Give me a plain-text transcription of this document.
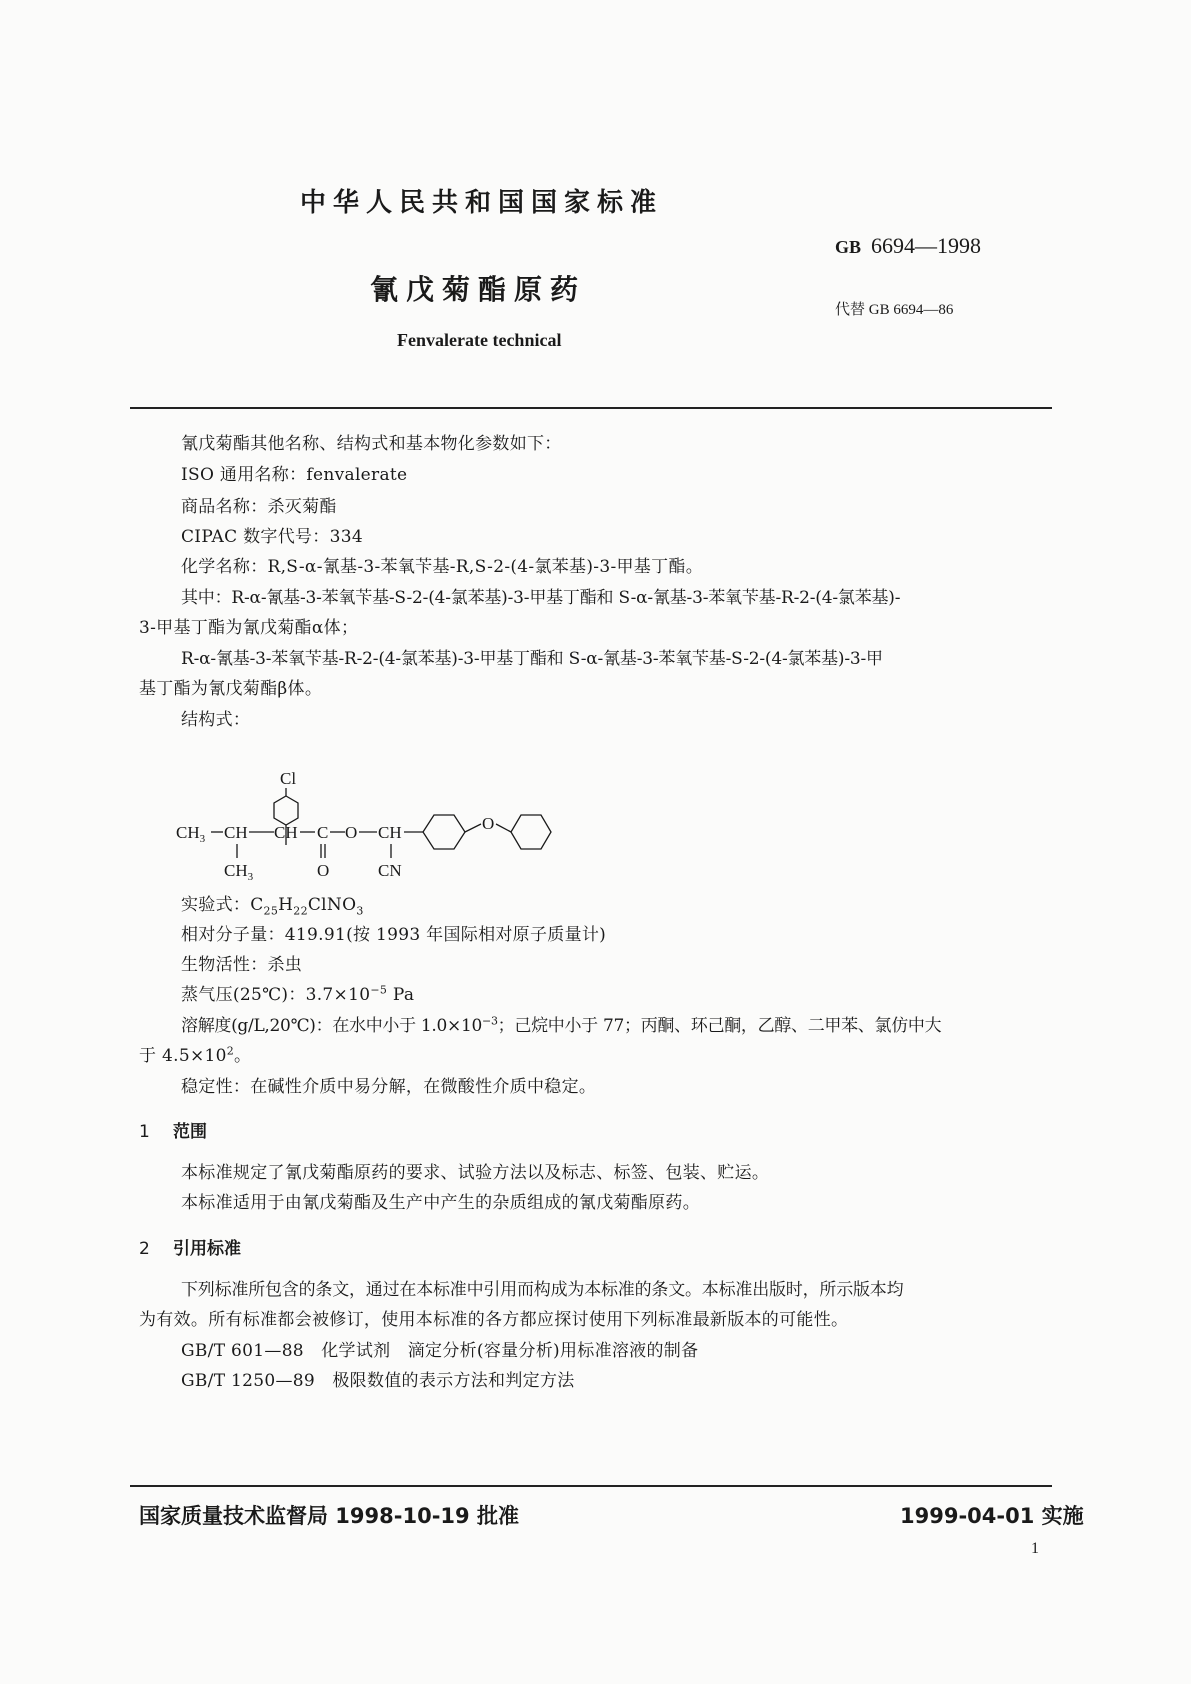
中华人民共和国国家标准
GB 6694—1998
氰戊菊酯原药
代替 GB 6694—86
Fenvalerate technical
氰戊菊酯其他名称、结构式和基本物化参数如下：
ISO 通用名称：fenvalerate
商品名称：杀灭菊酯
CIPAC 数字代号：334
化学名称：R,S-α-氰基-3-苯氧苄基-R,S-2-(4-氯苯基)-3-甲基丁酯。
其中：R-α-氰基-3-苯氧苄基-S-2-(4-氯苯基)-3-甲基丁酯和 S-α-氰基-3-苯氧苄基-R-2-(4-氯苯基)-
3-甲基丁酯为氰戊菊酯α体；
R-α-氰基-3-苯氧苄基-R-2-(4-氯苯基)-3-甲基丁酯和 S-α-氰基-3-苯氧苄基-S-2-(4-氯苯基)-3-甲
基丁酯为氰戊菊酯β体。
结构式：
Cl
$CH_3$ CH
$CH_3$
CH C
O
O CH
CN
O
实验式：$C_{25}H_{22}ClNO_3$
相对分子量：419.91(按 1993 年国际相对原子质量计)
生物活性：杀虫
蒸气压(25℃)：$3.7\times 10^{-5}$ Pa
溶解度(g/L,20℃)：在水中小于 $1.0\times 10^{-3}$；己烷中小于 77；丙酮、环己酮，乙醇、二甲苯、氯仿中大
于 $4.5\times 10^2$。
稳定性：在碱性介质中易分解，在微酸性介质中稳定。
1 范围
本标准规定了氰戊菊酯原药的要求、试验方法以及标志、标签、包装、贮运。
本标准适用于由氰戊菊酯及生产中产生的杂质组成的氰戊菊酯原药。
2 引用标准
下列标准所包含的条文，通过在本标准中引用而构成为本标准的条文。本标准出版时，所示版本均
为有效。所有标准都会被修订，使用本标准的各方都应探讨使用下列标准最新版本的可能性。
GB/T 601—88　化学试剂　滴定分析(容量分析)用标准溶液的制备
GB/T 1250—89　极限数值的表示方法和判定方法
国家质量技术监督局 1998-10-19 批准	1999-04-01 实施
1
